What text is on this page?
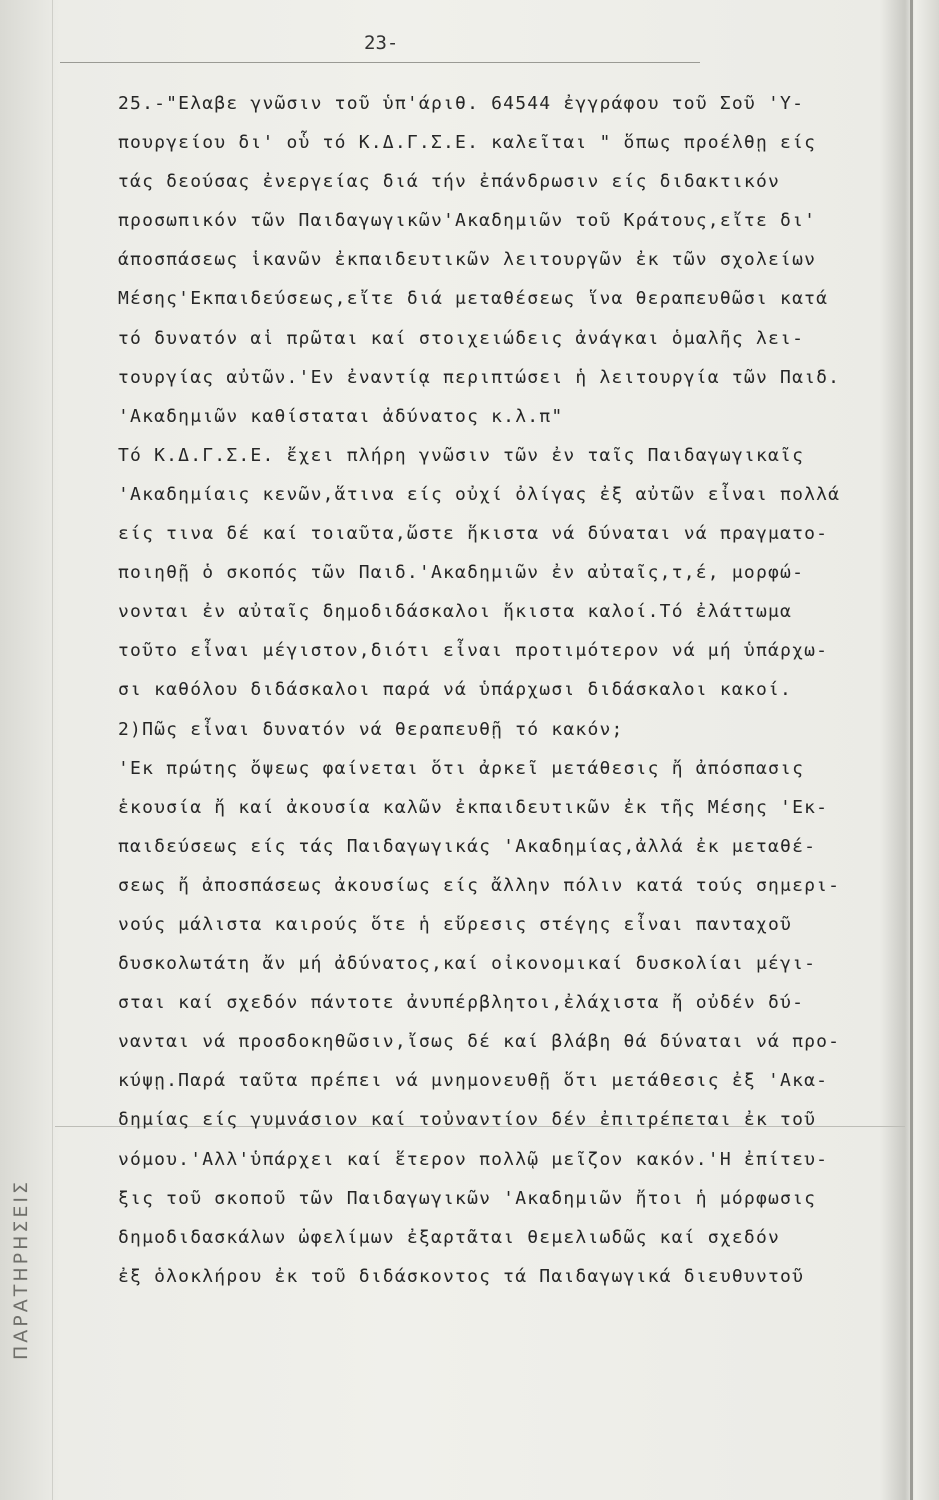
ΠΑΡΑΤΗΡΗΣΕΙΣ
23-
25.-"Ελαβε γνῶσιν τοῦ ὑπ'άριθ. 64544 ἐγγράφου τοῦ Σοῦ 'Υ-
πουργείου δι' οὗ τό Κ.Δ.Γ.Σ.Ε. καλεῖται " ὅπως προέλθῃ είς
τάς δεούσας ἐνεργείας διά τήν ἐπάνδρωσιν είς διδακτικόν
προσωπικόν τῶν Παιδαγωγικῶν'Ακαδημιῶν τοῦ Κράτους,εἴτε δι'
άποσπάσεως ἱκανῶν ἐκπαιδευτικῶν λειτουργῶν ἐκ τῶν σχολείων
Μέσης'Εκπαιδεύσεως,εἴτε διά μεταθέσεως ἵνα θεραπευθῶσι κατά
τό δυνατόν αἱ πρῶται καί στοιχειώδεις ἀνάγκαι ὁμαλῆς λει-
τουργίας αὐτῶν.'Εν ἐναντίᾳ περιπτώσει ἡ λειτουργία τῶν Παιδ.
'Ακαδημιῶν καθίσταται ἀδύνατος κ.λ.π"
Τό Κ.Δ.Γ.Σ.Ε. ἔχει πλήρη γνῶσιν τῶν ἐν ταῖς Παιδαγωγικαῖς
'Ακαδημίαις κενῶν,ἅτινα είς οὐχί ὀλίγας ἐξ αὐτῶν εἶναι πολλά
είς τινα δέ καί τοιαῦτα,ὥστε ἥκιστα νά δύναται νά πραγματο-
ποιηθῇ ὁ σκοπός τῶν Παιδ.'Ακαδημιῶν ἐν αὐταῖς,τ,έ, μορφώ-
νονται ἐν αὐταῖς δημοδιδάσκαλοι ἥκιστα καλοί.Τό ἐλάττωμα
τοῦτο εἶναι μέγιστον,διότι εἶναι προτιμότερον νά μή ὑπάρχω-
σι καθόλου διδάσκαλοι παρά νά ὑπάρχωσι διδάσκαλοι κακοί.
2)Πῶς εἶναι δυνατόν νά θεραπευθῇ τό κακόν;
'Εκ πρώτης ὄψεως φαίνεται ὅτι ἀρκεῖ μετάθεσις ἤ ἀπόσπασις
ἑκουσία ἤ καί ἀκουσία καλῶν ἐκπαιδευτικῶν ἐκ τῆς Μέσης 'Εκ-
παιδεύσεως είς τάς Παιδαγωγικάς 'Ακαδημίας,ἀλλά ἐκ μεταθέ-
σεως ἤ ἀποσπάσεως ἀκουσίως είς ἄλλην πόλιν κατά τούς σημερι-
νούς μάλιστα καιρούς ὅτε ἡ εὕρεσις στέγης εἶναι πανταχοῦ
δυσκολωτάτη ἄν μή ἀδύνατος,καί οἰκονομικαί δυσκολίαι μέγι-
σται καί σχεδόν πάντοτε ἀνυπέρβλητοι,ἐλάχιστα ἤ οὐδέν δύ-
νανται νά προσδοκηθῶσιν,ἴσως δέ καί βλάβη θά δύναται νά προ-
κύψῃ.Παρά ταῦτα πρέπει νά μνημονευθῇ ὅτι μετάθεσις ἐξ 'Ακα-
δημίας είς γυμνάσιον καί τοὐναντίον δέν ἐπιτρέπεται ἐκ τοῦ
νόμου.'Αλλ'ὑπάρχει καί ἕτερον πολλῷ μεῖζον κακόν.'Η ἐπίτευ-
ξις τοῦ σκοποῦ τῶν Παιδαγωγικῶν 'Ακαδημιῶν ἤτοι ἡ μόρφωσις
δημοδιδασκάλων ὠφελίμων ἐξαρτᾶται θεμελιωδῶς καί σχεδόν
ἐξ ὁλοκλήρου ἐκ τοῦ διδάσκοντος τά Παιδαγωγικά διευθυντοῦ
